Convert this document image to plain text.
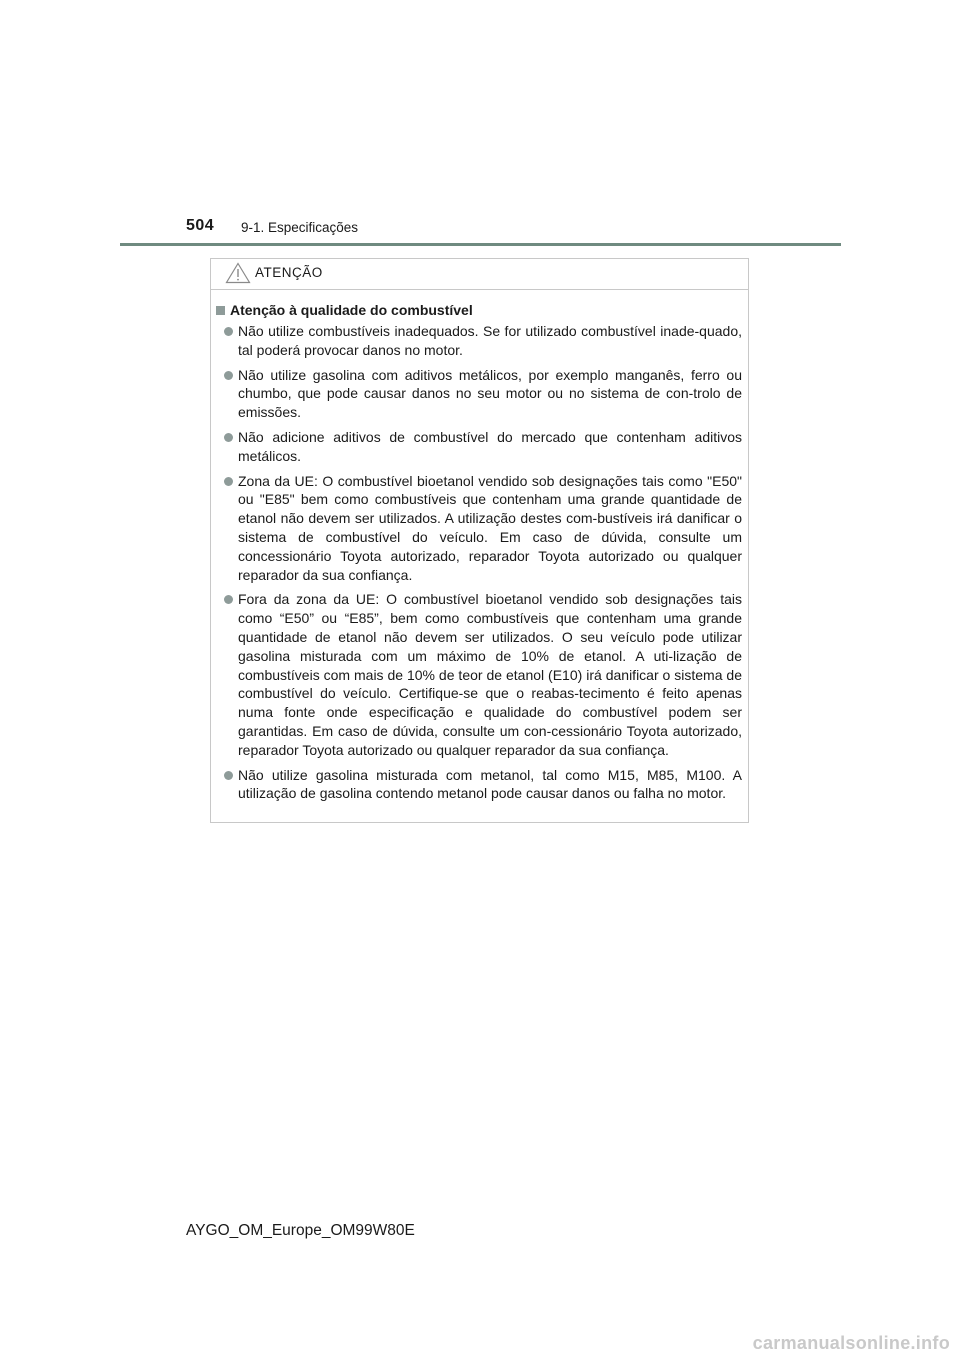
504 9-1. Especificações
ATENÇÃO
Atenção à qualidade do combustível
Não utilize combustíveis inadequados. Se for utilizado combustível inade-quado, tal poderá provocar danos no motor.
Não utilize gasolina com aditivos metálicos, por exemplo manganês, ferro ou chumbo, que pode causar danos no seu motor ou no sistema de con-trolo de emissões.
Não adicione aditivos de combustível do mercado que contenham aditivos metálicos.
Zona da UE: O combustível bioetanol vendido sob designações tais como "E50" ou "E85" bem como combustíveis que contenham uma grande quantidade de etanol não devem ser utilizados. A utilização destes com-bustíveis irá danificar o sistema de combustível do veículo. Em caso de dúvida, consulte um concessionário Toyota autorizado, reparador Toyota autorizado ou qualquer reparador da sua confiança.
Fora da zona da UE: O combustível bioetanol vendido sob designações tais como “E50” ou “E85”, bem como combustíveis que contenham uma grande quantidade de etanol não devem ser utilizados. O seu veículo pode utilizar gasolina misturada com um máximo de 10% de etanol. A uti-lização de combustíveis com mais de 10% de teor de etanol (E10) irá danificar o sistema de combustível do veículo. Certifique-se que o reabas-tecimento é feito apenas numa fonte onde especificação e qualidade do combustível podem ser garantidas. Em caso de dúvida, consulte um con-cessionário Toyota autorizado, reparador Toyota autorizado ou qualquer reparador da sua confiança.
Não utilize gasolina misturada com metanol, tal como M15, M85, M100. A utilização de gasolina contendo metanol pode causar danos ou falha no motor.
AYGO_OM_Europe_OM99W80E
carmanualsonline.info
